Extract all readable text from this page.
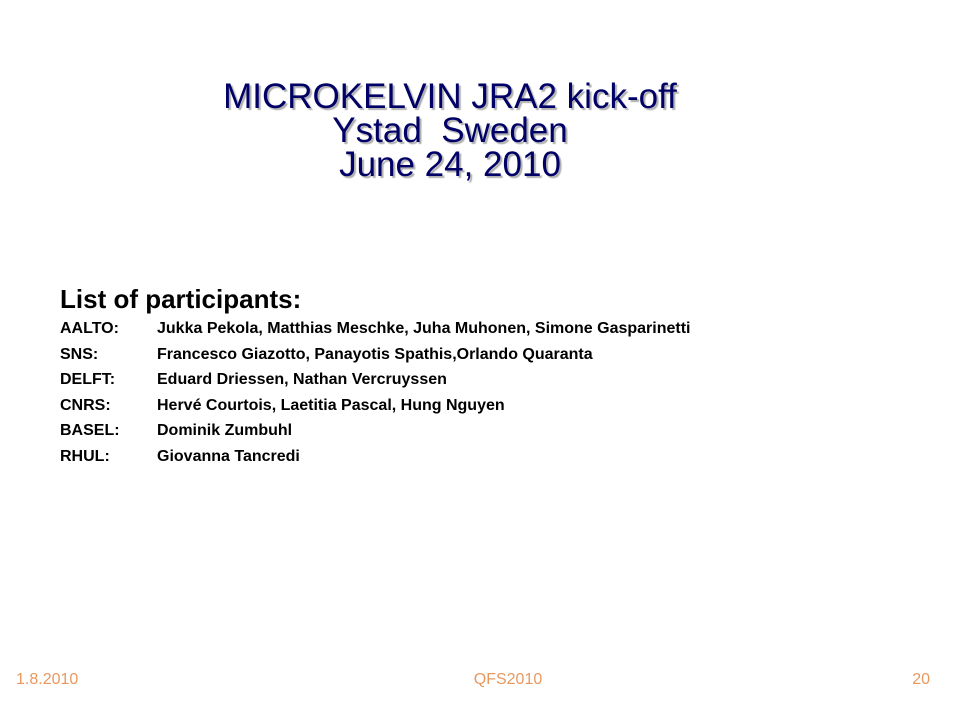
MICROKELVIN JRA2 kick-off
Ystad  Sweden
June 24, 2010
List of participants:
AALTO:	Jukka Pekola, Matthias Meschke, Juha Muhonen, Simone Gasparinetti
SNS:	Francesco Giazotto, Panayotis Spathis,Orlando Quaranta
DELFT:	Eduard Driessen, Nathan Vercruyssen
CNRS:	Hervé Courtois, Laetitia Pascal, Hung Nguyen
BASEL:	Dominik Zumbuhl
RHUL:	Giovanna Tancredi
1.8.2010	QFS2010	20
